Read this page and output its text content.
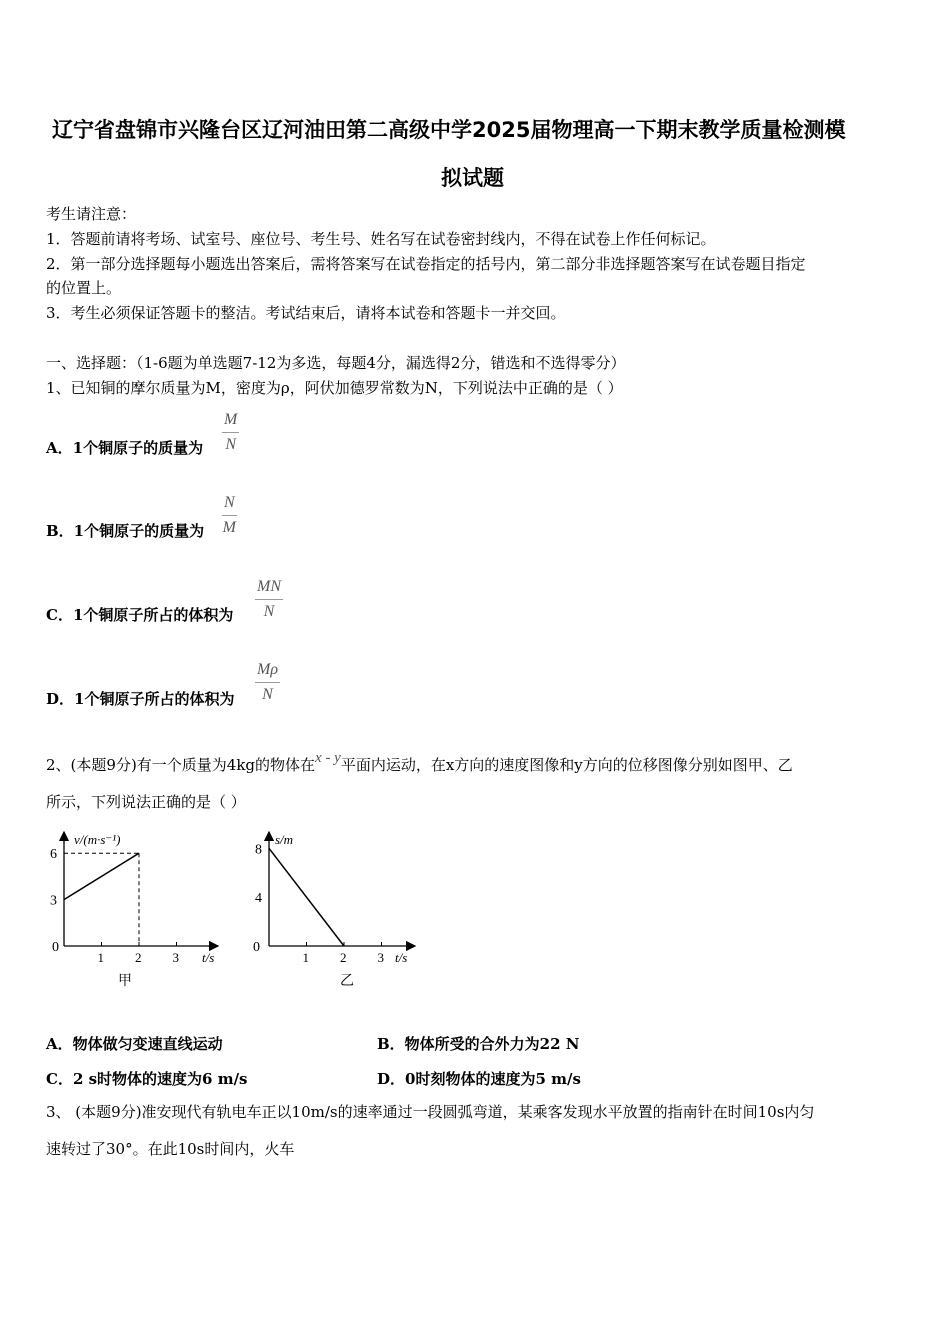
辽宁省盘锦市兴隆台区辽河油田第二高级中学2025届物理高一下期末教学质量检测模
拟试题
考生请注意：
1．答题前请将考场、试室号、座位号、考生号、姓名写在试卷密封线内，不得在试卷上作任何标记。
2．第一部分选择题每小题选出答案后，需将答案写在试卷指定的括号内，第二部分非选择题答案写在试卷题目指定
的位置上。
3．考生必须保证答题卡的整洁。考试结束后，请将本试卷和答题卡一并交回。
一、选择题：（1-6题为单选题7-12为多选，每题4分，漏选得2分，错选和不选得零分）
1、已知铜的摩尔质量为M，密度为ρ，阿伏加德罗常数为N，下列说法中正确的是（ ）
A．1个铜原子的质量为 $\frac{M}{N}$
B．1个铜原子的质量为 $\frac{N}{M}$
C．1个铜原子所占的体积为 $\frac{MN}{N}$
D．1个铜原子所占的体积为 $\frac{M\rho}{N}$
2、(本题9分)有一个质量为4kg的物体在x - y平面内运动，在x方向的速度图像和y方向的位移图像分别如图甲、乙
所示，下列说法正确的是（ ）
v/(m·s⁻¹)
t/s
0
1 2 3
3
6
甲
s/m
t/s
0
1 2 3
4
8
乙
A．物体做匀变速直线运动	B．物体所受的合外力为22 N
C．2 s时物体的速度为6 m/s	D．0时刻物体的速度为5 m/s
3、 (本题9分)准安现代有轨电车正以10m/s的速率通过一段圆弧弯道，某乘客发现水平放置的指南针在时间10s内匀
速转过了30°。在此10s时间内，火车
